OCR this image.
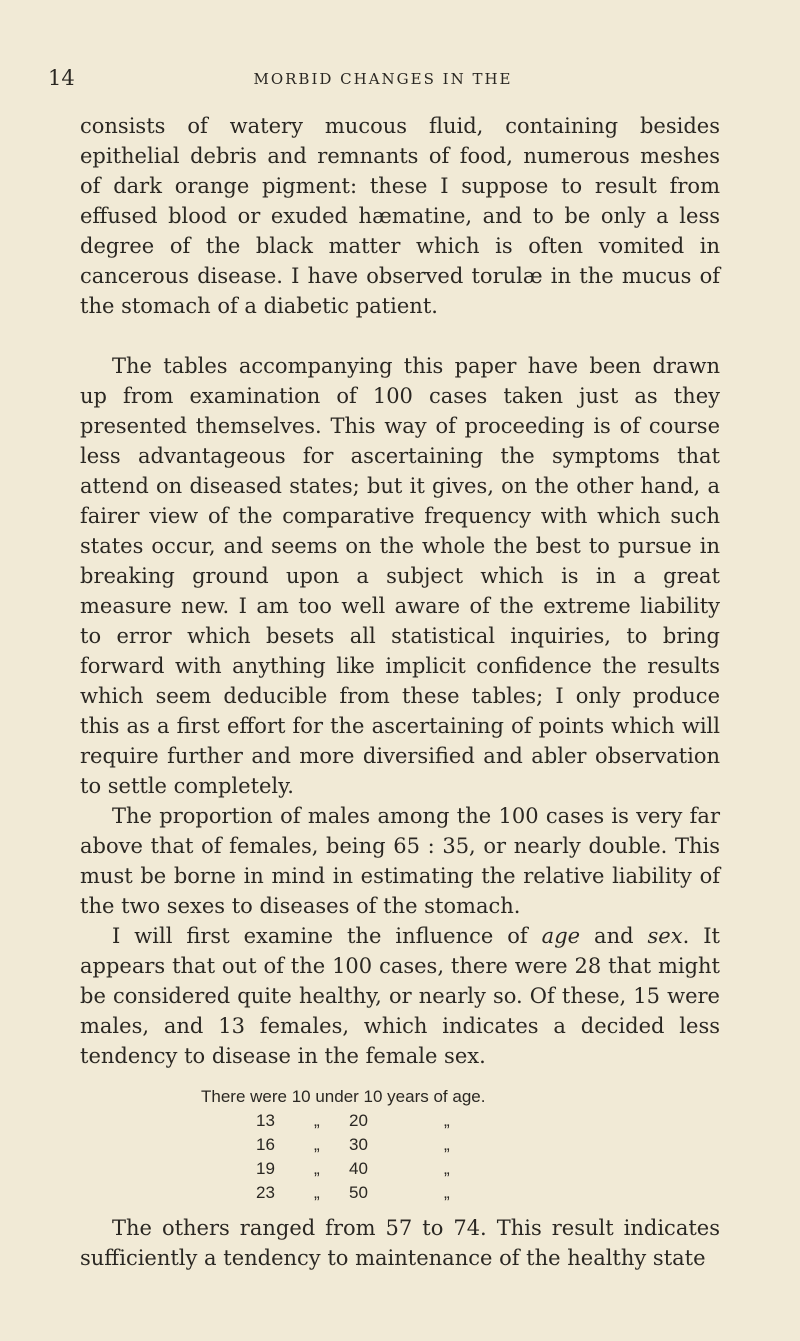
14	MORBID CHANGES IN THE

consists of watery mucous fluid, containing besides epithelial debris and remnants of food, numerous meshes of dark orange pigment: these I suppose to result from effused blood or exuded hæmatine, and to be only a less degree of the black matter which is often vomited in cancerous disease. I have observed torulæ in the mucus of the stomach of a diabetic patient.

The tables accompanying this paper have been drawn up from examination of 100 cases taken just as they presented themselves. This way of proceeding is of course less advantageous for ascertaining the symptoms that attend on diseased states; but it gives, on the other hand, a fairer view of the comparative frequency with which such states occur, and seems on the whole the best to pursue in breaking ground upon a subject which is in a great measure new. I am too well aware of the extreme liability to error which besets all statistical inquiries, to bring forward with anything like implicit confidence the results which seem deducible from these tables; I only produce this as a first effort for the ascertaining of points which will require further and more diversified and abler observation to settle completely.

The proportion of males among the 100 cases is very far above that of females, being 65 : 35, or nearly double. This must be borne in mind in estimating the relative liability of the two sexes to diseases of the stomach.

I will first examine the influence of age and sex. It appears that out of the 100 cases, there were 28 that might be considered quite healthy, or nearly so. Of these, 15 were males, and 13 females, which indicates a decided less tendency to disease in the female sex.

There were 10 under 10 years of age.
13	„	20	„
16	„	30	„
19	„	40	„
23	„	50	„

The others ranged from 57 to 74. This result indicates sufficiently a tendency to maintenance of the healthy state
